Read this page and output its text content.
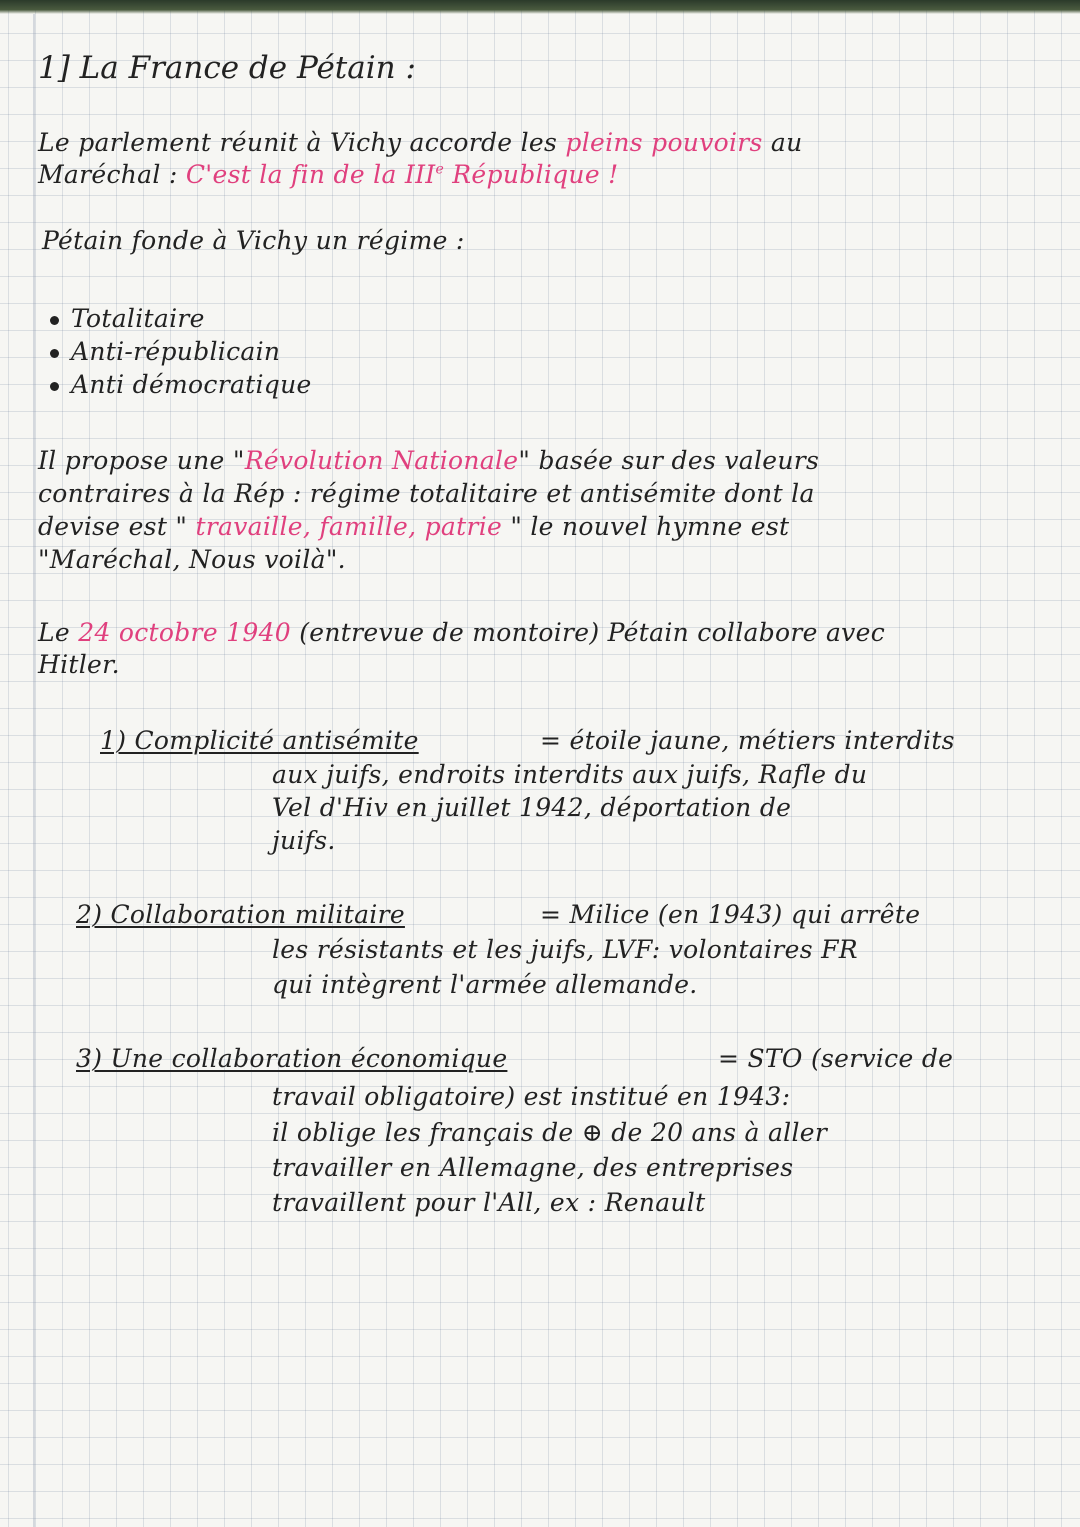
1] La France de Pétain :

Le parlement réunit à Vichy accorde les pleins pouvoirs au

Maréchal : C'est la fin de la IIIe République !

Pétain fonde à Vichy un régime :

Totalitaire

Anti-républicain

Anti démocratique

Il propose une "Révolution Nationale" basée sur des valeurs

contraires à la Rép : régime totalitaire et antisémite dont la

devise est " travaille, famille, patrie " le nouvel hymne est

"Maréchal, Nous voilà".

Le 24 octobre 1940 (entrevue de montoire) Pétain collabore avec

Hitler.

1) Complicité antisémite	= étoile jaune, métiers interdits

aux juifs, endroits interdits aux juifs, Rafle du

Vel d'Hiv en juillet 1942, déportation de

juifs.

2) Collaboration militaire	= Milice (en 1943) qui arrête

les résistants et les juifs, LVF: volontaires FR

qui intègrent l'armée allemande.

3) Une collaboration économique	= STO (service de

travail obligatoire) est institué en 1943:

il oblige les français de ⊕ de 20 ans à aller

travailler en Allemagne, des entreprises

travaillent pour l'All, ex : Renault
